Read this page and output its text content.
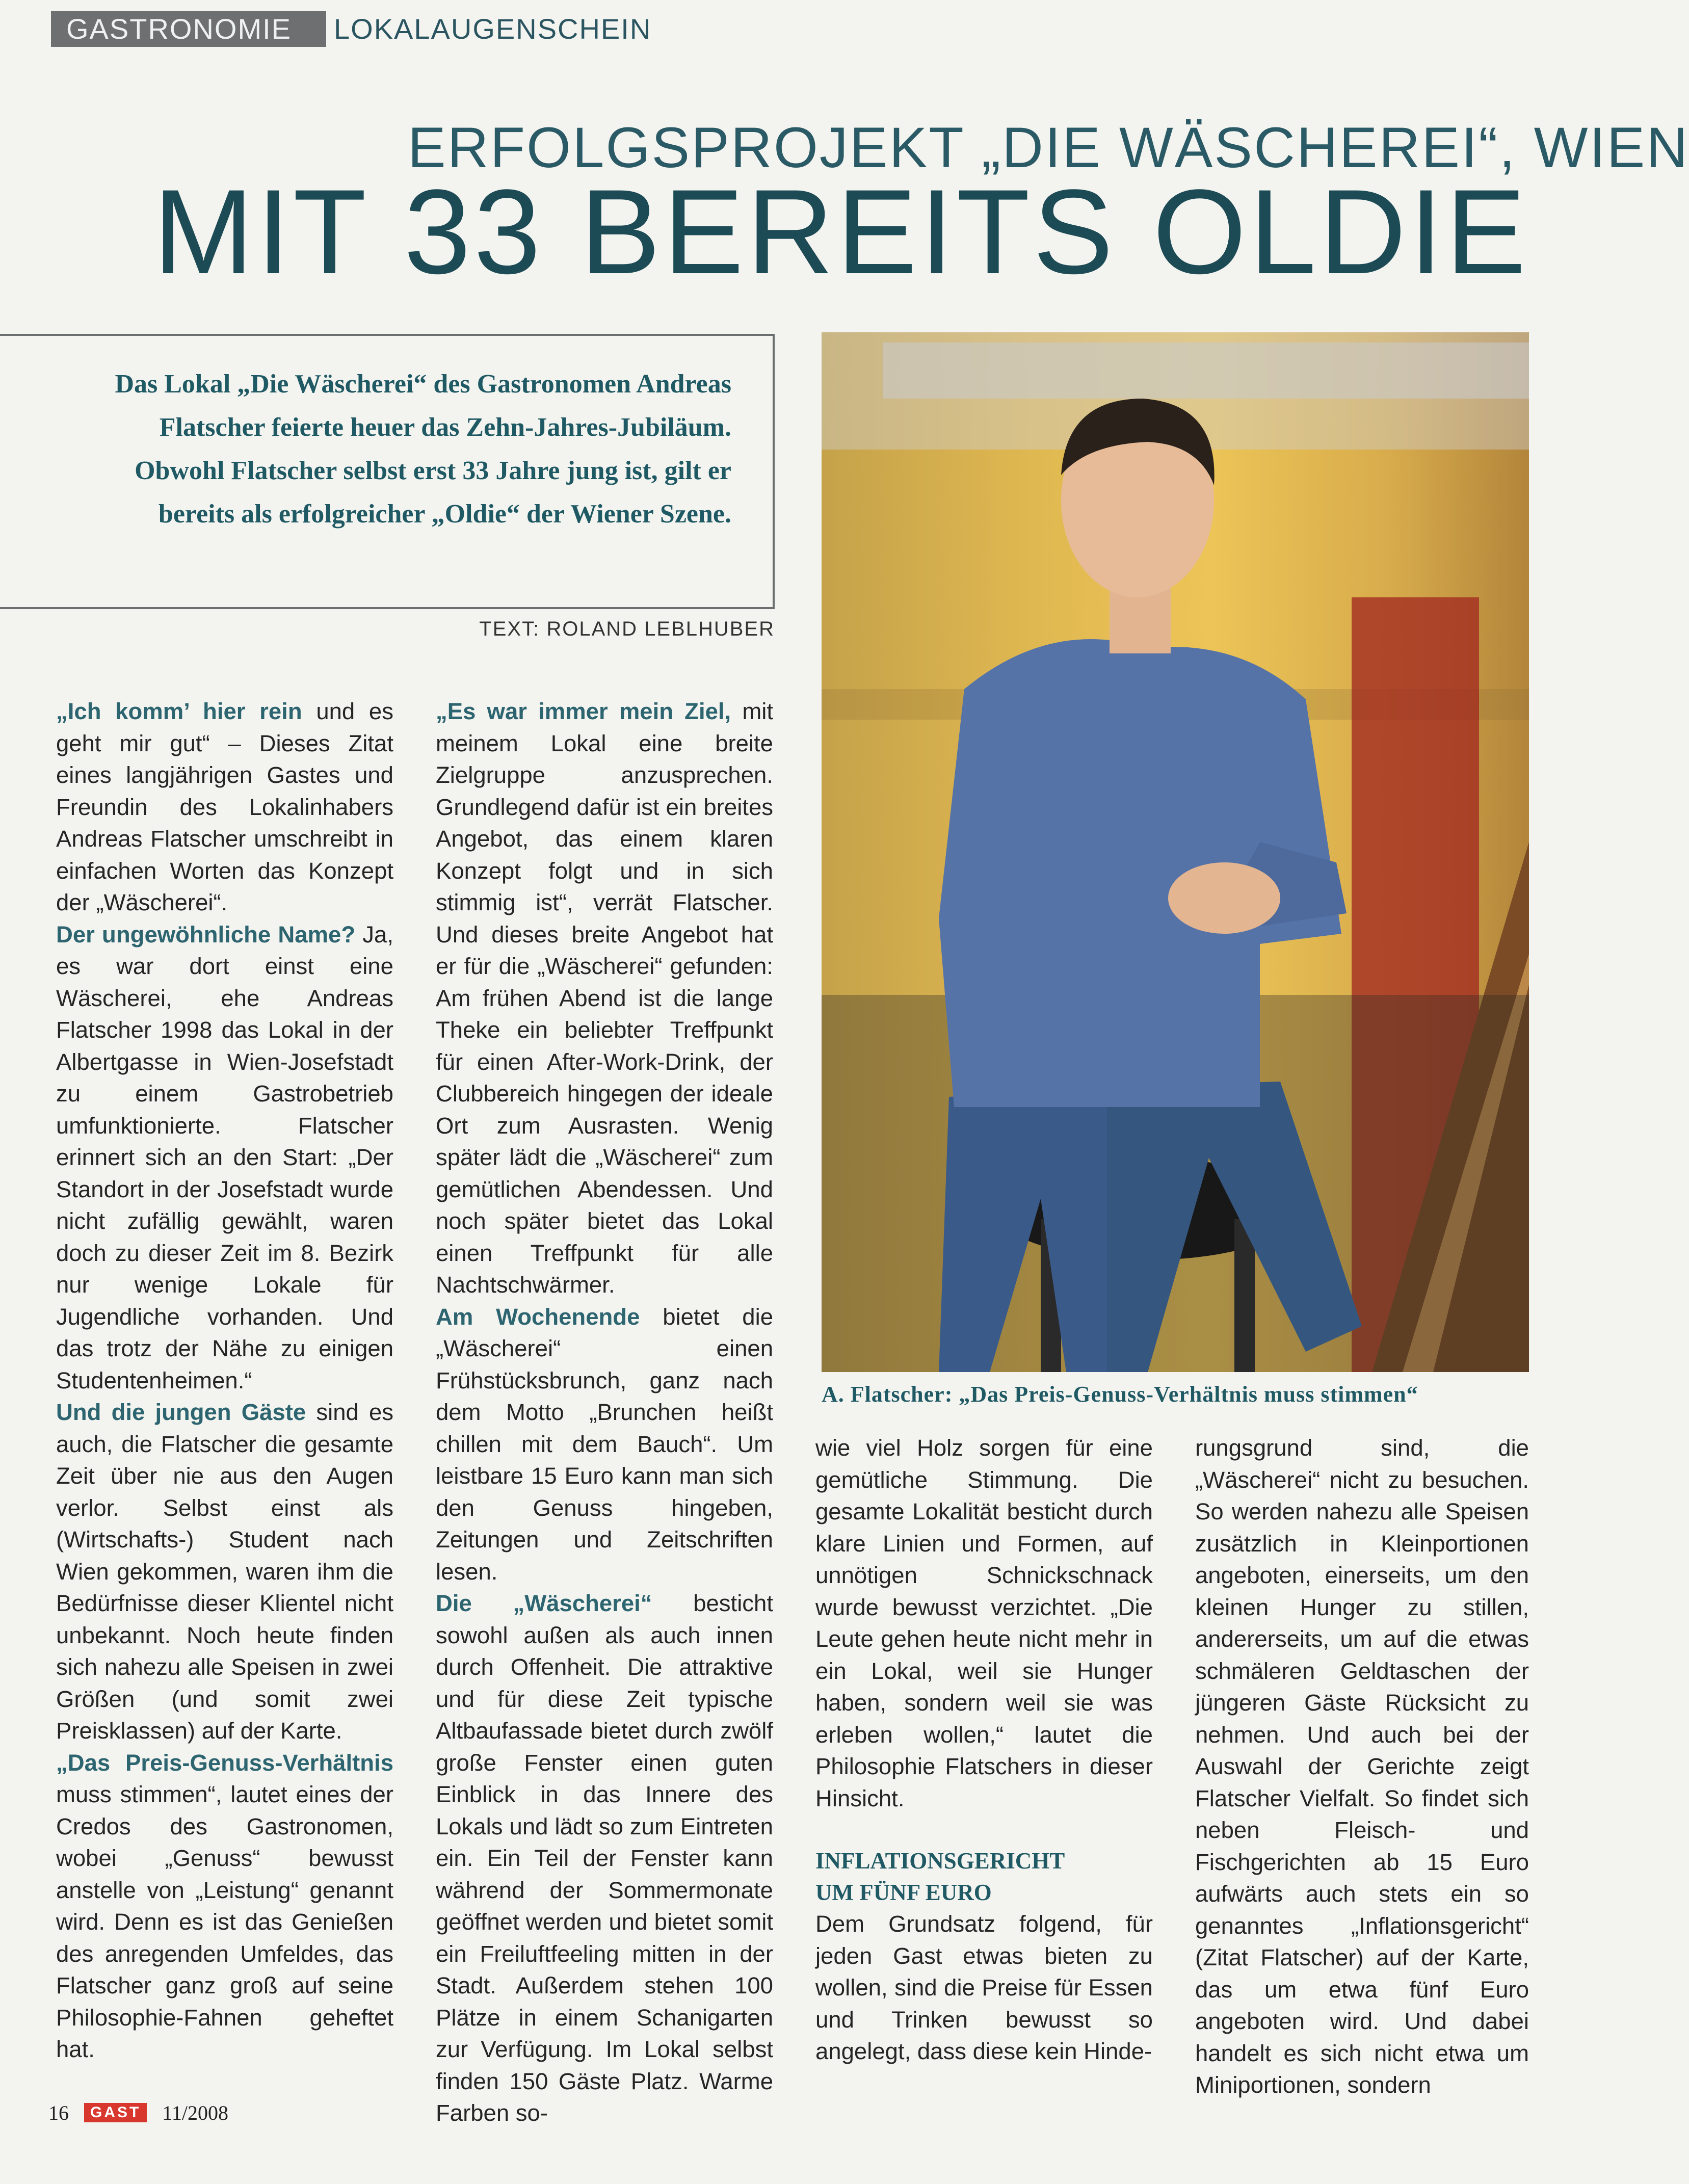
GASTRONOMIE	LOKALAUGENSCHEIN
ERFOLGSPROJEKT „DIE WÄSCHEREI“, WIEN
MIT 33 BEREITS OLDIE
Das Lokal „Die Wäscherei“ des Gastronomen Andreas Flatscher feierte heuer das Zehn-Jahres-Jubiläum. Obwohl Flatscher selbst erst 33 Jahre jung ist, gilt er bereits als erfolgreicher „Oldie“ der Wiener Szene.
TEXT: ROLAND LEBLHUBER
A. Flatscher: „Das Preis-Genuss-Verhältnis muss stimmen“

„Ich komm’ hier rein und es geht mir gut“ – Dieses Zitat eines langjährigen Gastes und Freundin des Lokalinhabers Andreas Flatscher umschreibt in einfachen Worten das Konzept der „Wäscherei“.

Der ungewöhnliche Name? Ja, es war dort einst eine Wäscherei, ehe Andreas Flatscher 1998 das Lokal in der Albertgasse in Wien-Josefstadt zu einem Gastrobetrieb umfunktionierte. Flatscher erinnert sich an den Start: „Der Standort in der Josefstadt wurde nicht zufällig gewählt, waren doch zu dieser Zeit im 8. Bezirk nur wenige Lokale für Jugendliche vorhanden. Und das trotz der Nähe zu einigen Studentenheimen.“

Und die jungen Gäste sind es auch, die Flatscher die gesamte Zeit über nie aus den Augen verlor. Selbst einst als (Wirtschafts-) Student nach Wien gekommen, waren ihm die Bedürfnisse dieser Klientel nicht unbekannt. Noch heute finden sich nahezu alle Speisen in zwei Größen (und somit zwei Preisklassen) auf der Karte.

„Das Preis-Genuss-Verhältnis muss stimmen“, lautet eines der Credos des Gastronomen, wobei „Genuss“ bewusst anstelle von „Leistung“ genannt wird. Denn es ist das Genießen des anregenden Umfeldes, das Flatscher ganz groß auf seine Philosophie-Fahnen geheftet hat.

„Es war immer mein Ziel, mit meinem Lokal eine breite Zielgruppe anzusprechen. Grundlegend dafür ist ein breites Angebot, das einem klaren Konzept folgt und in sich stimmig ist“, verrät Flatscher. Und dieses breite Angebot hat er für die „Wäscherei“ gefunden: Am frühen Abend ist die lange Theke ein beliebter Treffpunkt für einen After-Work-Drink, der Clubbereich hingegen der ideale Ort zum Ausrasten. Wenig später lädt die „Wäscherei“ zum gemütlichen Abendessen. Und noch später bietet das Lokal einen Treffpunkt für alle Nachtschwärmer.

Am Wochenende bietet die „Wäscherei“ einen Frühstücksbrunch, ganz nach dem Motto „Brunchen heißt chillen mit dem Bauch“. Um leistbare 15 Euro kann man sich den Genuss hingeben, Zeitungen und Zeitschriften lesen.

Die „Wäscherei“ besticht sowohl außen als auch innen durch Offenheit. Die attraktive und für diese Zeit typische Altbaufassade bietet durch zwölf große Fenster einen guten Einblick in das Innere des Lokals und lädt so zum Eintreten ein. Ein Teil der Fenster kann während der Sommermonate geöffnet werden und bietet somit ein Freiluftfeeling mitten in der Stadt. Außerdem stehen 100 Plätze in einem Schanigarten zur Verfügung. Im Lokal selbst finden 150 Gäste Platz. Warme Farben so-

wie viel Holz sorgen für eine gemütliche Stimmung. Die gesamte Lokalität besticht durch klare Linien und Formen, auf unnötigen Schnickschnack wurde bewusst verzichtet. „Die Leute gehen heute nicht mehr in ein Lokal, weil sie Hunger haben, sondern weil sie was erleben wollen,“ lautet die Philosophie Flatschers in dieser Hinsicht.

INFLATIONSGERICHT
UM FÜNF EURO

Dem Grundsatz folgend, für jeden Gast etwas bieten zu wollen, sind die Preise für Essen und Trinken bewusst so angelegt, dass diese kein Hinde-

rungsgrund sind, die „Wäscherei“ nicht zu besuchen. So werden nahezu alle Speisen zusätzlich in Kleinportionen angeboten, einerseits, um den kleinen Hunger zu stillen, andererseits, um auf die etwas schmäleren Geldtaschen der jüngeren Gäste Rücksicht zu nehmen. Und auch bei der Auswahl der Gerichte zeigt Flatscher Vielfalt. So findet sich neben Fleisch- und Fischgerichten ab 15 Euro aufwärts auch stets ein so genanntes „Inflationsgericht“ (Zitat Flatscher) auf der Karte, das um etwa fünf Euro angeboten wird. Und dabei handelt es sich nicht etwa um Miniportionen, sondern

16	GAST	11/2008
